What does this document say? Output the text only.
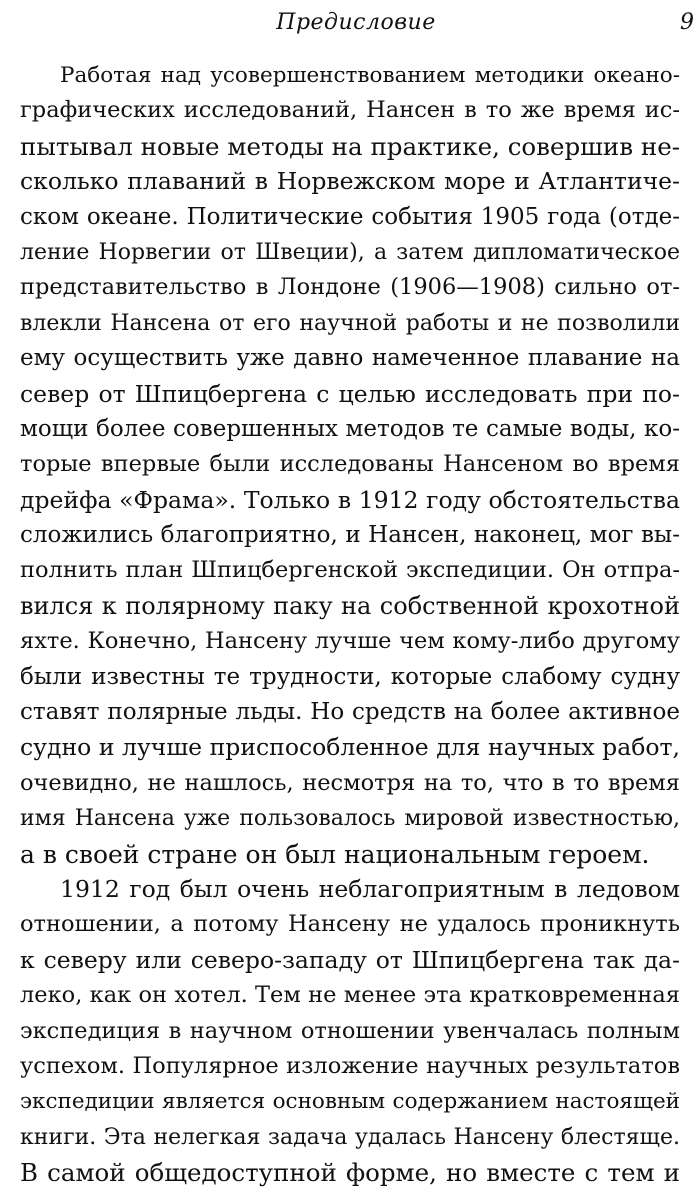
Предисловие	9
Работая над усовершенствованием методики океано-
графических исследований, Нансен в то же время ис-
пытывал новые методы на практике, совершив не-
сколько плаваний в Норвежском море и Атлантиче-
ском океане. Политические события 1905 года (отде-
ление Норвегии от Швеции), а затем дипломатическое
представительство в Лондоне (1906—1908) сильно от-
влекли Нансена от его научной работы и не позволили
ему осуществить уже давно намеченное плавание на
север от Шпицбергена с целью исследовать при по-
мощи более совершенных методов те самые воды, ко-
торые впервые были исследованы Нансеном во время
дрейфа «Фрама». Только в 1912 году обстоятельства
сложились благоприятно, и Нансен, наконец, мог вы-
полнить план Шпицбергенской экспедиции. Он отпра-
вился к полярному паку на собственной крохотной
яхте. Конечно, Нансену лучше чем кому-либо другому
были известны те трудности, которые слабому судну
ставят полярные льды. Но средств на более активное
судно и лучше приспособленное для научных работ,
очевидно, не нашлось, несмотря на то, что в то время
имя Нансена уже пользовалось мировой известностью,
а в своей стране он был национальным героем.
1912 год был очень неблагоприятным в ледовом
отношении, а потому Нансену не удалось проникнуть
к северу или северо-западу от Шпицбергена так да-
леко, как он хотел. Тем не менее эта кратковременная
экспедиция в научном отношении увенчалась полным
успехом. Популярное изложение научных результатов
экспедиции является основным содержанием настоящей
книги. Эта нелегкая задача удалась Нансену блестяще.
В самой общедоступной форме, но вместе с тем и
